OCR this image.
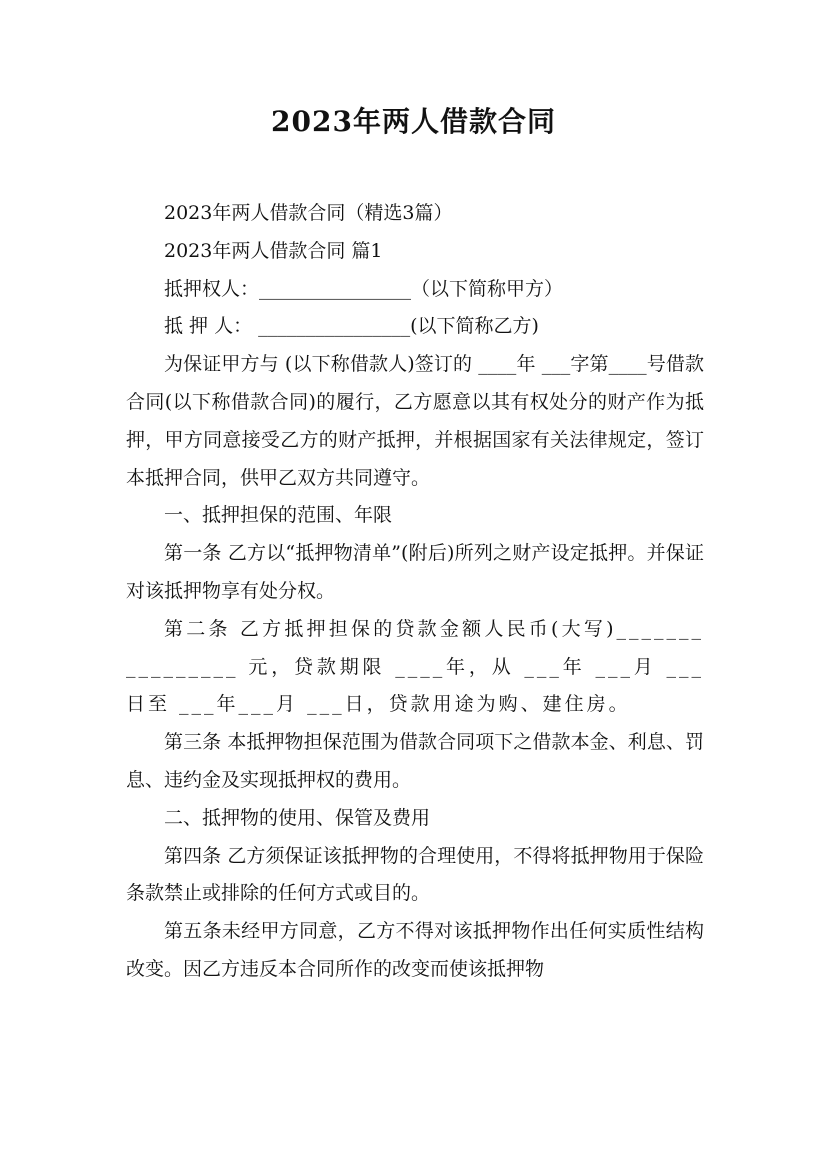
2023年两人借款合同

2023年两人借款合同（精选3篇）

2023年两人借款合同 篇1

抵押权人：________________（以下简称甲方）

抵 押 人： ________________(以下简称乙方)

为保证甲方与 (以下称借款人)签订的 ____年 ___字第____号借款合同(以下称借款合同)的履行，乙方愿意以其有权处分的财产作为抵押，甲方同意接受乙方的财产抵押，并根据国家有关法律规定，签订本抵押合同，供甲乙双方共同遵守。

一、抵押担保的范围、年限

第一条 乙方以“抵押物清单”(附后)所列之财产设定抵押。并保证对该抵押物享有处分权。

第二条 乙方抵押担保的贷款金额人民币(大写)________________ 元，贷款期限 ____年，从 ___年 ___月 ___日至 ___年___月 ___日，贷款用途为购、建住房。

第三条 本抵押物担保范围为借款合同项下之借款本金、利息、罚息、违约金及实现抵押权的费用。

二、抵押物的使用、保管及费用

第四条 乙方须保证该抵押物的合理使用，不得将抵押物用于保险条款禁止或排除的任何方式或目的。

第五条未经甲方同意，乙方不得对该抵押物作出任何实质性结构改变。因乙方违反本合同所作的改变而使该抵押物
